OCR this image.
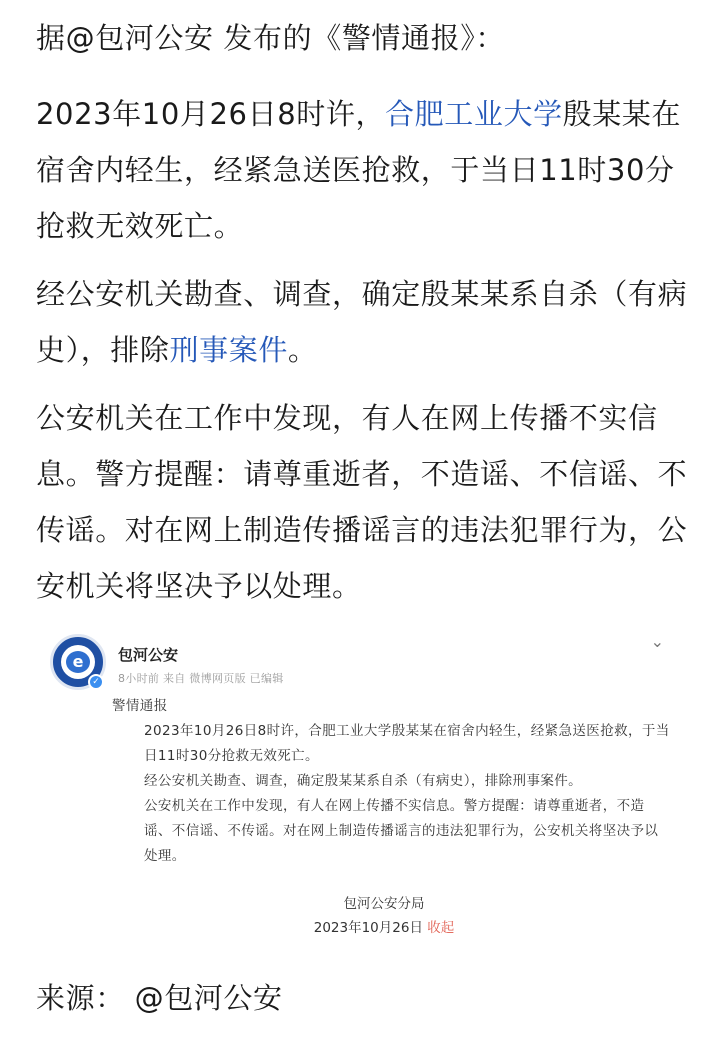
据@包河公安 发布的《警情通报》：

2023年10月26日8时许，合肥工业大学殷某某在宿舍内轻生，经紧急送医抢救，于当日11时30分抢救无效死亡。

经公安机关勘查、调查，确定殷某某系自杀（有病史），排除刑事案件。

公安机关在工作中发现，有人在网上传播不实信息。警方提醒：请尊重逝者，不造谣、不信谣、不传谣。对在网上制造传播谣言的违法犯罪行为，公安机关将坚决予以处理。

e
✓
包河公安
8小时前 来自 微博网页版 已编辑
⌄
警情通报
2023年10月26日8时许，合肥工业大学殷某某在宿舍内轻生，经紧急送医抢救，于当日11时30分抢救无效死亡。
经公安机关勘查、调查，确定殷某某系自杀（有病史），排除刑事案件。
公安机关在工作中发现，有人在网上传播不实信息。警方提醒：请尊重逝者，不造谣、不信谣、不传谣。对在网上制造传播谣言的违法犯罪行为，公安机关将坚决予以处理。
包河公安分局
2023年10月26日 收起

来源： @包河公安
